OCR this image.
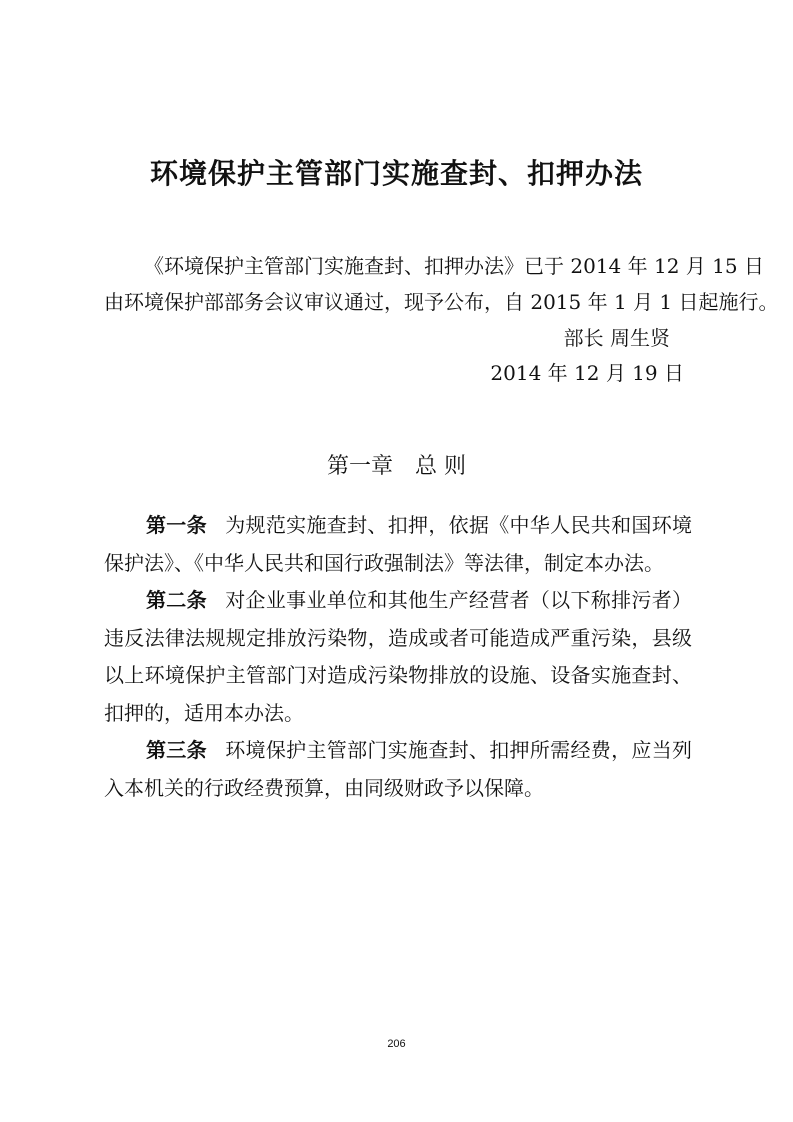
环境保护主管部门实施查封、扣押办法

《环境保护主管部门实施查封、扣押办法》已于 2014 年 12 月 15 日

由环境保护部部务会议审议通过，现予公布，自 2015 年 1 月 1 日起施行。

部长 周生贤
2014 年 12 月 19 日
第一章 总 则

第一条 为规范实施查封、扣押，依据《中华人民共和国环境保护法》、《中华人民共和国行政强制法》等法律，制定本办法。

第二条 对企业事业单位和其他生产经营者（以下称排污者）违反法律法规规定排放污染物，造成或者可能造成严重污染，县级以上环境保护主管部门对造成污染物排放的设施、设备实施查封、扣押的，适用本办法。

第三条 环境保护主管部门实施查封、扣押所需经费，应当列入本机关的行政经费预算，由同级财政予以保障。

206
